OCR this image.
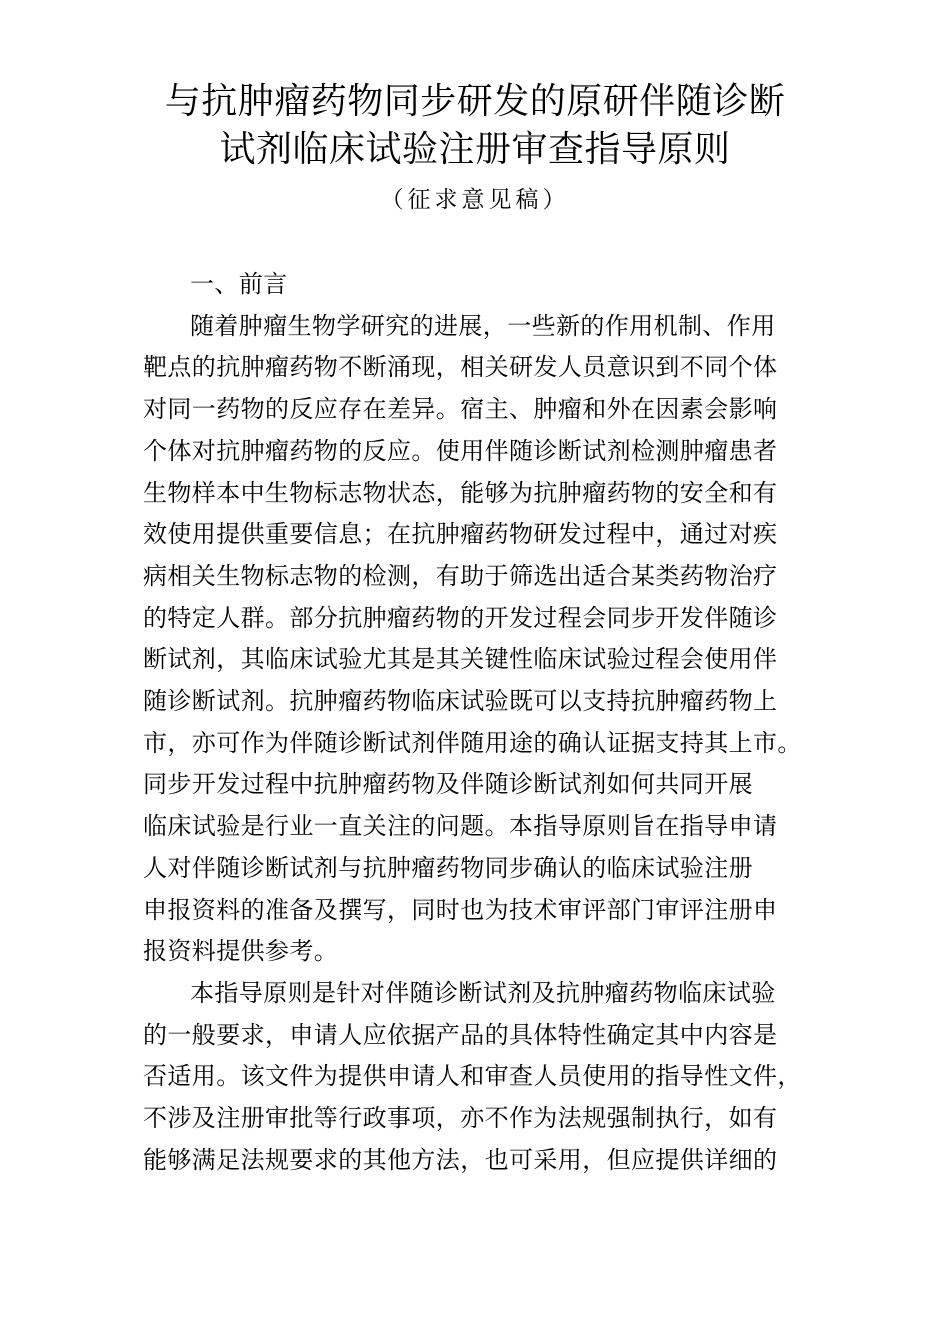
与抗肿瘤药物同步研发的原研伴随诊断
试剂临床试验注册审查指导原则
（征求意见稿）
一、前言
随着肿瘤生物学研究的进展，一些新的作用机制、作用
靶点的抗肿瘤药物不断涌现，相关研发人员意识到不同个体
对同一药物的反应存在差异。宿主、肿瘤和外在因素会影响
个体对抗肿瘤药物的反应。使用伴随诊断试剂检测肿瘤患者
生物样本中生物标志物状态，能够为抗肿瘤药物的安全和有
效使用提供重要信息；在抗肿瘤药物研发过程中，通过对疾
病相关生物标志物的检测，有助于筛选出适合某类药物治疗
的特定人群。部分抗肿瘤药物的开发过程会同步开发伴随诊
断试剂，其临床试验尤其是其关键性临床试验过程会使用伴
随诊断试剂。抗肿瘤药物临床试验既可以支持抗肿瘤药物上
市，亦可作为伴随诊断试剂伴随用途的确认证据支持其上市。
同步开发过程中抗肿瘤药物及伴随诊断试剂如何共同开展
临床试验是行业一直关注的问题。本指导原则旨在指导申请
人对伴随诊断试剂与抗肿瘤药物同步确认的临床试验注册
申报资料的准备及撰写，同时也为技术审评部门审评注册申
报资料提供参考。
本指导原则是针对伴随诊断试剂及抗肿瘤药物临床试验
的一般要求，申请人应依据产品的具体特性确定其中内容是
否适用。该文件为提供申请人和审查人员使用的指导性文件，
不涉及注册审批等行政事项，亦不作为法规强制执行，如有
能够满足法规要求的其他方法，也可采用，但应提供详细的
